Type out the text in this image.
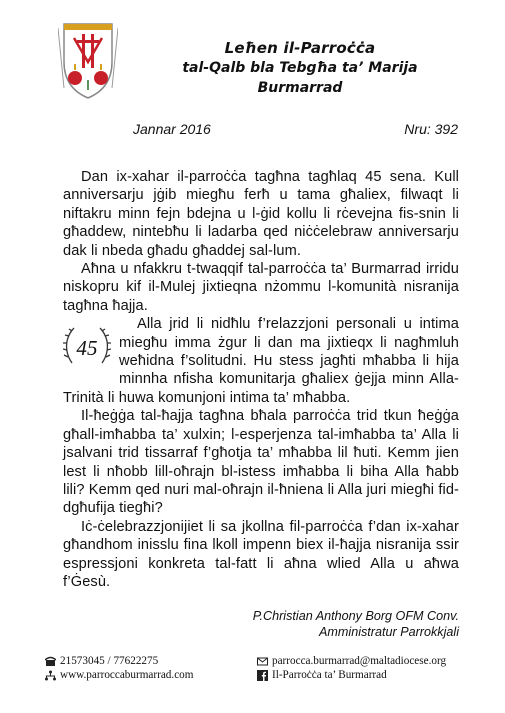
Leħen il-Parroċċa
tal-Qalb bla Tebgħa ta’ Marija
Burmarrad
Jannar 2016	Nru: 392

Dan ix-xahar il-parroċċa tagħna tagħlaq 45 sena. Kull anniversarju jġib miegħu ferħ u tama għaliex, filwaqt li niftakru minn fejn bdejna u l-ġid kollu li rċevejna fis-snin li għaddew, nintebħu li ladarba qed niċċelebraw anniversarju dak li nbeda għadu għaddej sal-lum.

Aħna u nfakkru t-twaqqif tal-parroċċa ta’ Burmarrad irridu niskopru kif il-Mulej jixtieqna nżommu l-komunità nisranija tagħna ħajja.

45
Alla jrid li nidħlu f’relazzjoni personali u intima miegħu imma żgur li dan ma jixtieqx li nagħmluh weħidna f’solitudni. Hu stess jagħti mħabba li hija minnha nfisha komunitarja għaliex ġejja minn Alla-Trinità li huwa komunjoni intima ta’ mħabba.

Il-ħeġġa tal-ħajja tagħna bħala parroċċa trid tkun ħeġġa għall-imħabba ta’ xulxin; l-esperjenza tal-imħabba ta’ Alla li jsalvani trid tissarraf f’għotja ta’ mħabba lil ħuti. Kemm jien lest li nħobb lill-oħrajn bl-istess imħabba li biha Alla ħabb lili? Kemm qed nuri mal-oħrajn il-ħniena li Alla juri miegħi fid-dgħufija tiegħi?

Iċ-ċelebrazzjonijiet li sa jkollna fil-parroċċa f’dan ix-xahar għandhom inisslu fina lkoll impenn biex il-ħajja nisranija ssir espressjoni konkreta tal-fatt li aħna wlied Alla u aħwa f’Ġesù.

P.Christian Anthony Borg OFM Conv.
Amministratur Parrokkjali
21573045 / 77622275
www.parroccaburmarrad.com
parrocca.burmarrad@maltadiocese.org
Il-Parroċċa ta’ Burmarrad
